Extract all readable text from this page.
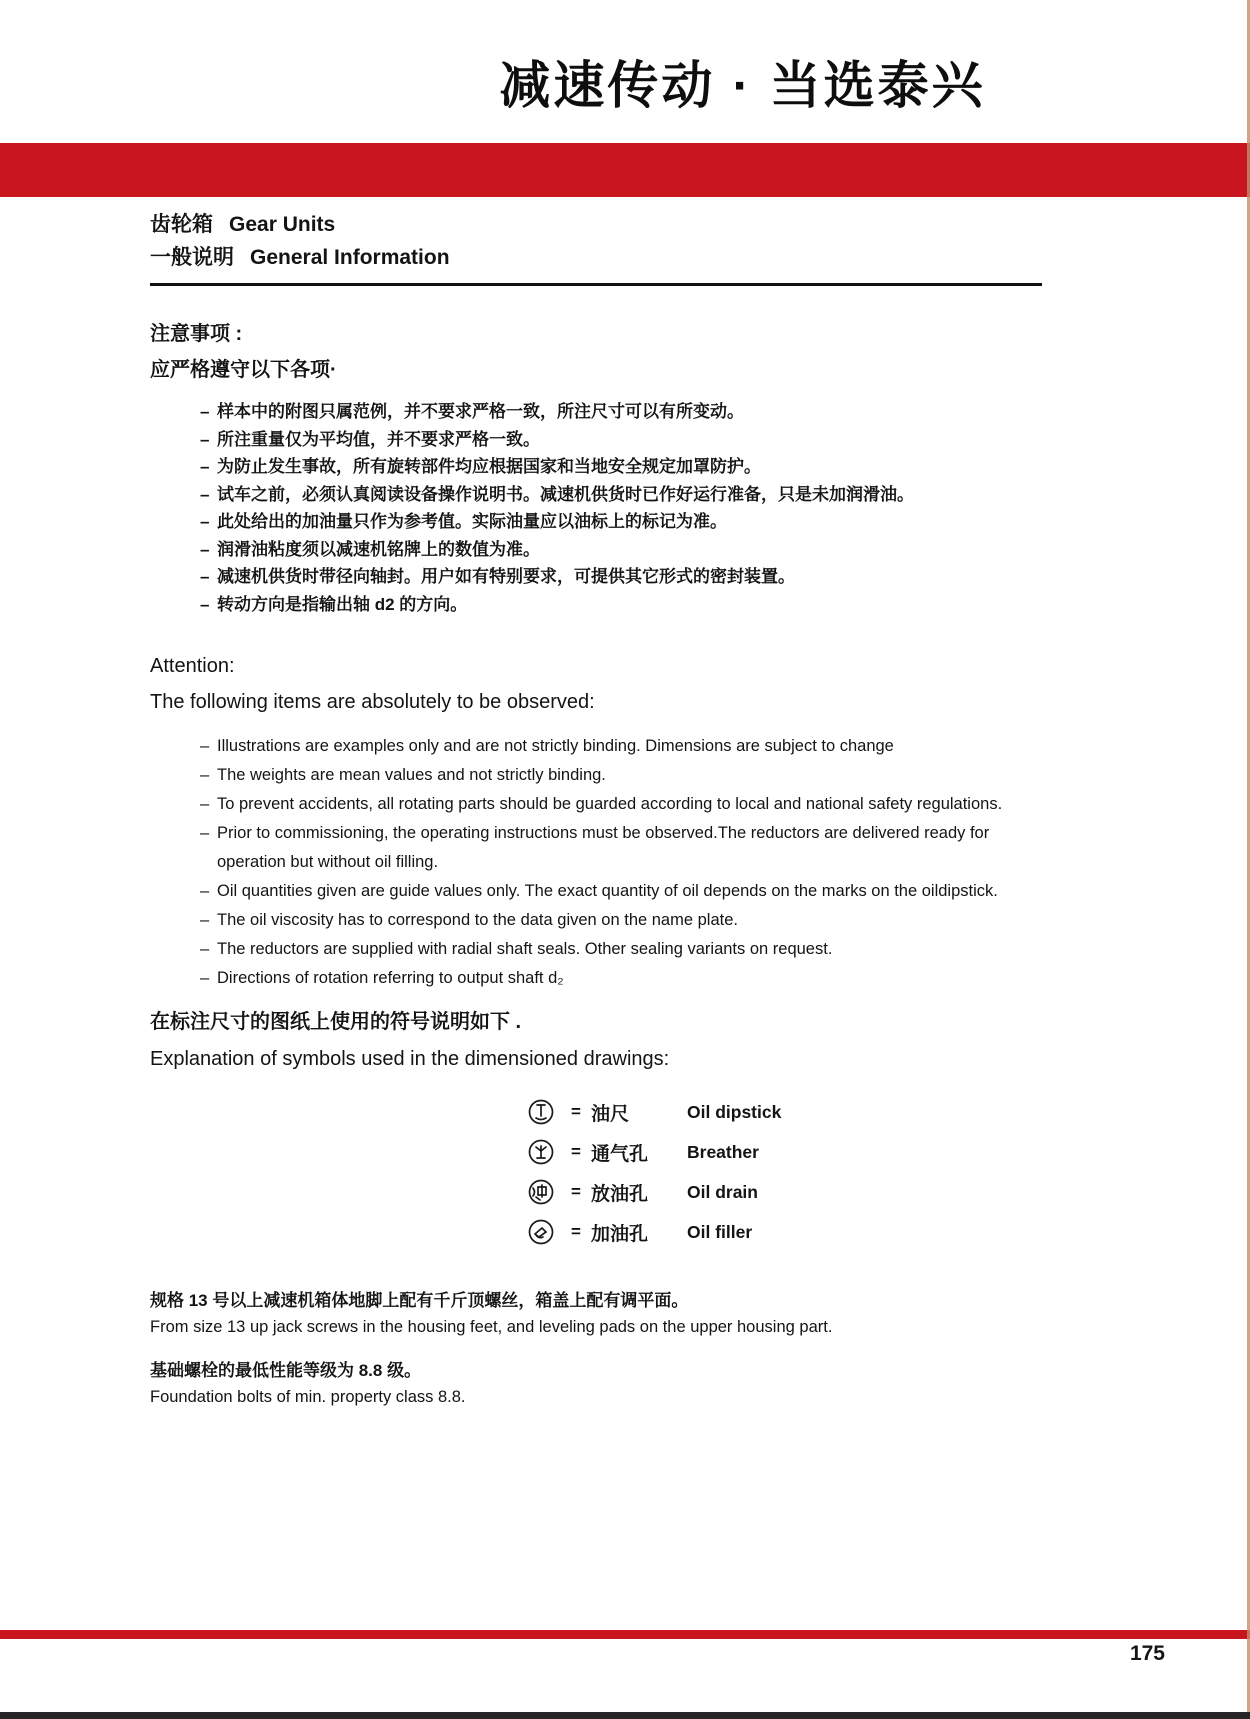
减速传动 · 当选泰兴
齿轮箱 Gear Units
一般说明 General Information
注意事项 :
应严格遵守以下各项·
– 样本中的附图只属范例，并不要求严格一致，所注尺寸可以有所变动。
– 所注重量仅为平均值，并不要求严格一致。
– 为防止发生事故，所有旋转部件均应根据国家和当地安全规定加罩防护。
– 试车之前，必须认真阅读设备操作说明书。减速机供货时已作好运行准备，只是未加润滑油。
– 此处给出的加油量只作为参考值。实际油量应以油标上的标记为准。
– 润滑油粘度须以减速机铭牌上的数值为准。
– 减速机供货时带径向轴封。用户如有特别要求，可提供其它形式的密封装置。
– 转动方向是指输出轴 d2 的方向。
Attention:
The following items are absolutely to be observed:
– Illustrations are examples only and are not strictly binding. Dimensions are subject to change
– The weights are mean values and not strictly binding.
– To prevent accidents, all rotating parts should be guarded according to local and national safety regulations.
– Prior to commissioning, the operating instructions must be observed.The reductors are delivered ready for
operation but without oil filling.
– Oil quantities given are guide values only. The exact quantity of oil depends on the marks on the oildipstick.
– The oil viscosity has to correspond to the data given on the name plate.
– The reductors are supplied with radial shaft seals. Other sealing variants on request.
– Directions of rotation referring to output shaft d₂
在标注尺寸的图纸上使用的符号说明如下 .
Explanation of symbols used in the dimensioned drawings:
= 油尺	Oil dipstick
= 通气孔	Breather
= 放油孔	Oil drain
= 加油孔	Oil filler
规格 13 号以上减速机箱体地脚上配有千斤顶螺丝，箱盖上配有调平面。
From size 13 up jack screws in the housing feet, and leveling pads on the upper housing part.
基础螺栓的最低性能等级为 8.8 级。
Foundation bolts of min. property class 8.8.
175
